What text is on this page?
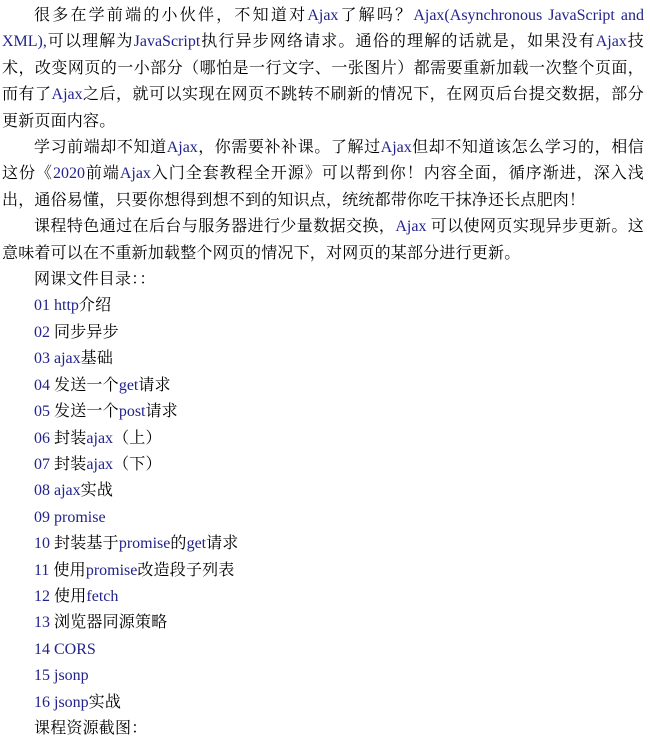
很多在学前端的小伙伴，不知道对Ajax了解吗？Ajax(Asynchronous JavaScript and XML),可以理解为JavaScript执行异步网络请求。通俗的理解的话就是，如果没有Ajax技术，改变网页的一小部分（哪怕是一行文字、一张图片）都需要重新加载一次整个页面，而有了Ajax之后，就可以实现在网页不跳转不刷新的情况下，在网页后台提交数据，部分更新页面内容。

学习前端却不知道Ajax，你需要补补课。了解过Ajax但却不知道该怎么学习的，相信这份《2020前端Ajax入门全套教程全开源》可以帮到你！内容全面，循序渐进，深入浅出，通俗易懂，只要你想得到想不到的知识点，统统都带你吃干抹净还长点肥肉！

课程特色通过在后台与服务器进行少量数据交换，Ajax 可以使网页实现异步更新。这意味着可以在不重新加载整个网页的情况下，对网页的某部分进行更新。

网课文件目录：：

01 http介绍

02 同步异步

03 ajax基础

04 发送一个get请求

05 发送一个post请求

06 封装ajax（上）

07 封装ajax（下）

08 ajax实战

09 promise

10 封装基于promise的get请求

11 使用promise改造段子列表

12 使用fetch

13 浏览器同源策略

14 CORS

15 jsonp

16 jsonp实战

课程资源截图：
